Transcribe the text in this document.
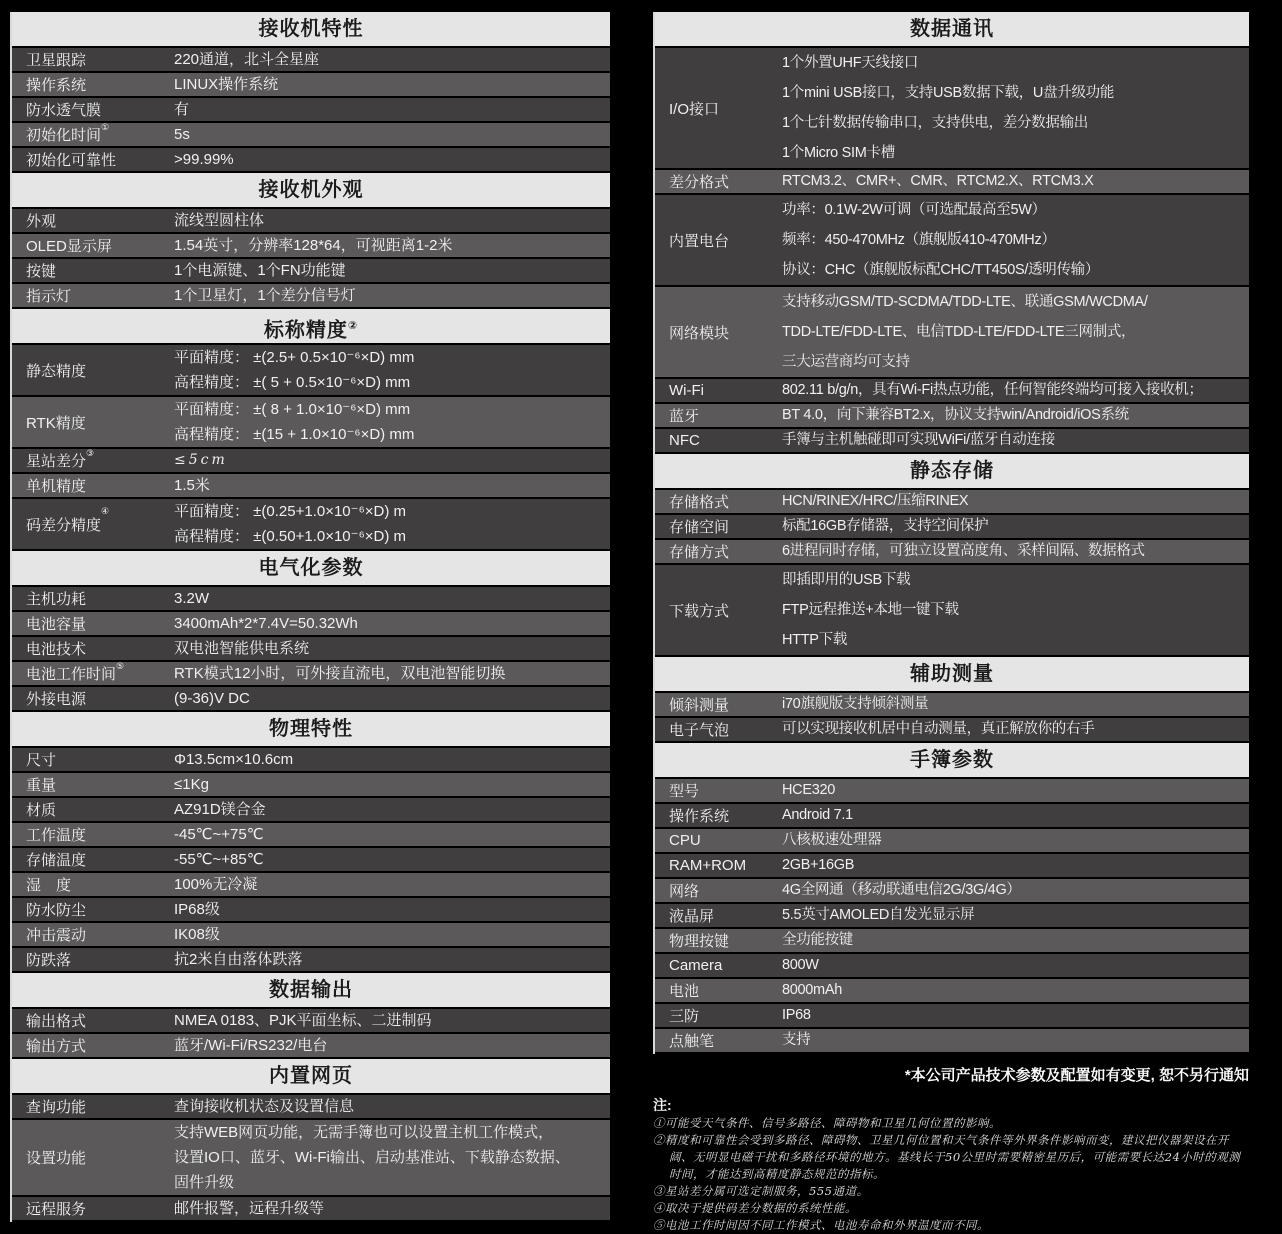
接收机特性
卫星跟踪	220通道，北斗全星座
操作系统	LINUX操作系统
防水透气膜	有
初始化时间①	5s
初始化可靠性	>99.99%
接收机外观
外观	流线型圆柱体
OLED显示屏	1.54英寸，分辨率128*64，可视距离1-2米
按键	1个电源键、1个FN功能键
指示灯	1个卫星灯，1个差分信号灯
标称精度②
静态精度
平面精度： ±(2.5+ 0.5×10⁻⁶×D) mm
高程精度： ±( 5 + 0.5×10⁻⁶×D) mm
RTK精度
平面精度： ±( 8 + 1.0×10⁻⁶×D) mm
高程精度： ±(15 + 1.0×10⁻⁶×D) mm
星站差分③	≤5cm
单机精度	1.5米
码差分精度④	平面精度： ±(0.25+1.0×10⁻⁶×D) m
高程精度： ±(0.50+1.0×10⁻⁶×D) m
电气化参数
主机功耗	3.2W
电池容量	3400mAh*2*7.4V=50.32Wh
电池技术	双电池智能供电系统
电池工作时间⑤	RTK模式12小时，可外接直流电，双电池智能切换
外接电源	(9-36)V DC
物理特性
尺寸	Φ13.5cm×10.6cm
重量	≤1Kg
材质	AZ91D镁合金
工作温度	-45℃~+75℃
存储温度	-55℃~+85℃
湿　度	100%无冷凝
防水防尘	IP68级
冲击震动	IK08级
防跌落	抗2米自由落体跌落
数据输出
输出格式	NMEA 0183、PJK平面坐标、二进制码
输出方式	蓝牙/Wi-Fi/RS232/电台
内置网页
查询功能	查询接收机状态及设置信息
设置功能
支持WEB网页功能，无需手簿也可以设置主机工作模式，
设置IO口、蓝牙、Wi-Fi输出、启动基准站、下载静态数据、
固件升级
远程服务	邮件报警，远程升级等
数据通讯
I/O接口
1个外置UHF天线接口
1个mini USB接口，支持USB数据下载，U盘升级功能
1个七针数据传输串口，支持供电，差分数据输出
1个Micro SIM卡槽
差分格式	RTCM3.2、CMR+、CMR、RTCM2.X、RTCM3.X
内置电台
功率：0.1W-2W可调（可选配最高至5W）
频率：450-470MHz（旗舰版410-470MHz）
协议：CHC（旗舰版标配CHC/TT450S/透明传输）
网络模块
支持移动GSM/TD-SCDMA/TDD-LTE、联通GSM/WCDMA/
TDD-LTE/FDD-LTE、电信TDD-LTE/FDD-LTE三网制式，
三大运营商均可支持
Wi-Fi	802.11 b/g/n，具有Wi-Fi热点功能，任何智能终端均可接入接收机；
蓝牙	BT 4.0，向下兼容BT2.x，协议支持win/Android/iOS系统
NFC	手簿与主机触碰即可实现WiFi/蓝牙自动连接
静态存储
存储格式	HCN/RINEX/HRC/压缩RINEX
存储空间	标配16GB存储器，支持空间保护
存储方式	6进程同时存储，可独立设置高度角、采样间隔、数据格式
下载方式
即插即用的USB下载
FTP远程推送+本地一键下载
HTTP下载
辅助测量
倾斜测量	i70旗舰版支持倾斜测量
电子气泡	可以实现接收机居中自动测量，真正解放你的右手
手簿参数
型号	HCE320
操作系统	Android 7.1
CPU	八核极速处理器
RAM+ROM	2GB+16GB
网络	4G全网通（移动联通电信2G/3G/4G）
液晶屏	5.5英寸AMOLED自发光显示屏
物理按键	全功能按键
Camera	800W
电池	8000mAh
三防	IP68
点触笔	支持
*本公司产品技术参数及配置如有变更, 恕不另行通知
注:
①可能受天气条件、信号多路径、障碍物和卫星几何位置的影响。
②精度和可靠性会受到多路径、障碍物、卫星几何位置和天气条件等外界条件影响而变，建议把仪器架设在开阔、无明显电磁干扰和多路径环境的地方。基线长于50公里时需要精密星历后，可能需要长达24小时的观测时间，才能达到高精度静态规范的指标。
③星站差分属可选定制服务，555通道。
④取决于提供码差分数据的系统性能。
⑤电池工作时间因不同工作模式、电池寿命和外界温度而不同。
